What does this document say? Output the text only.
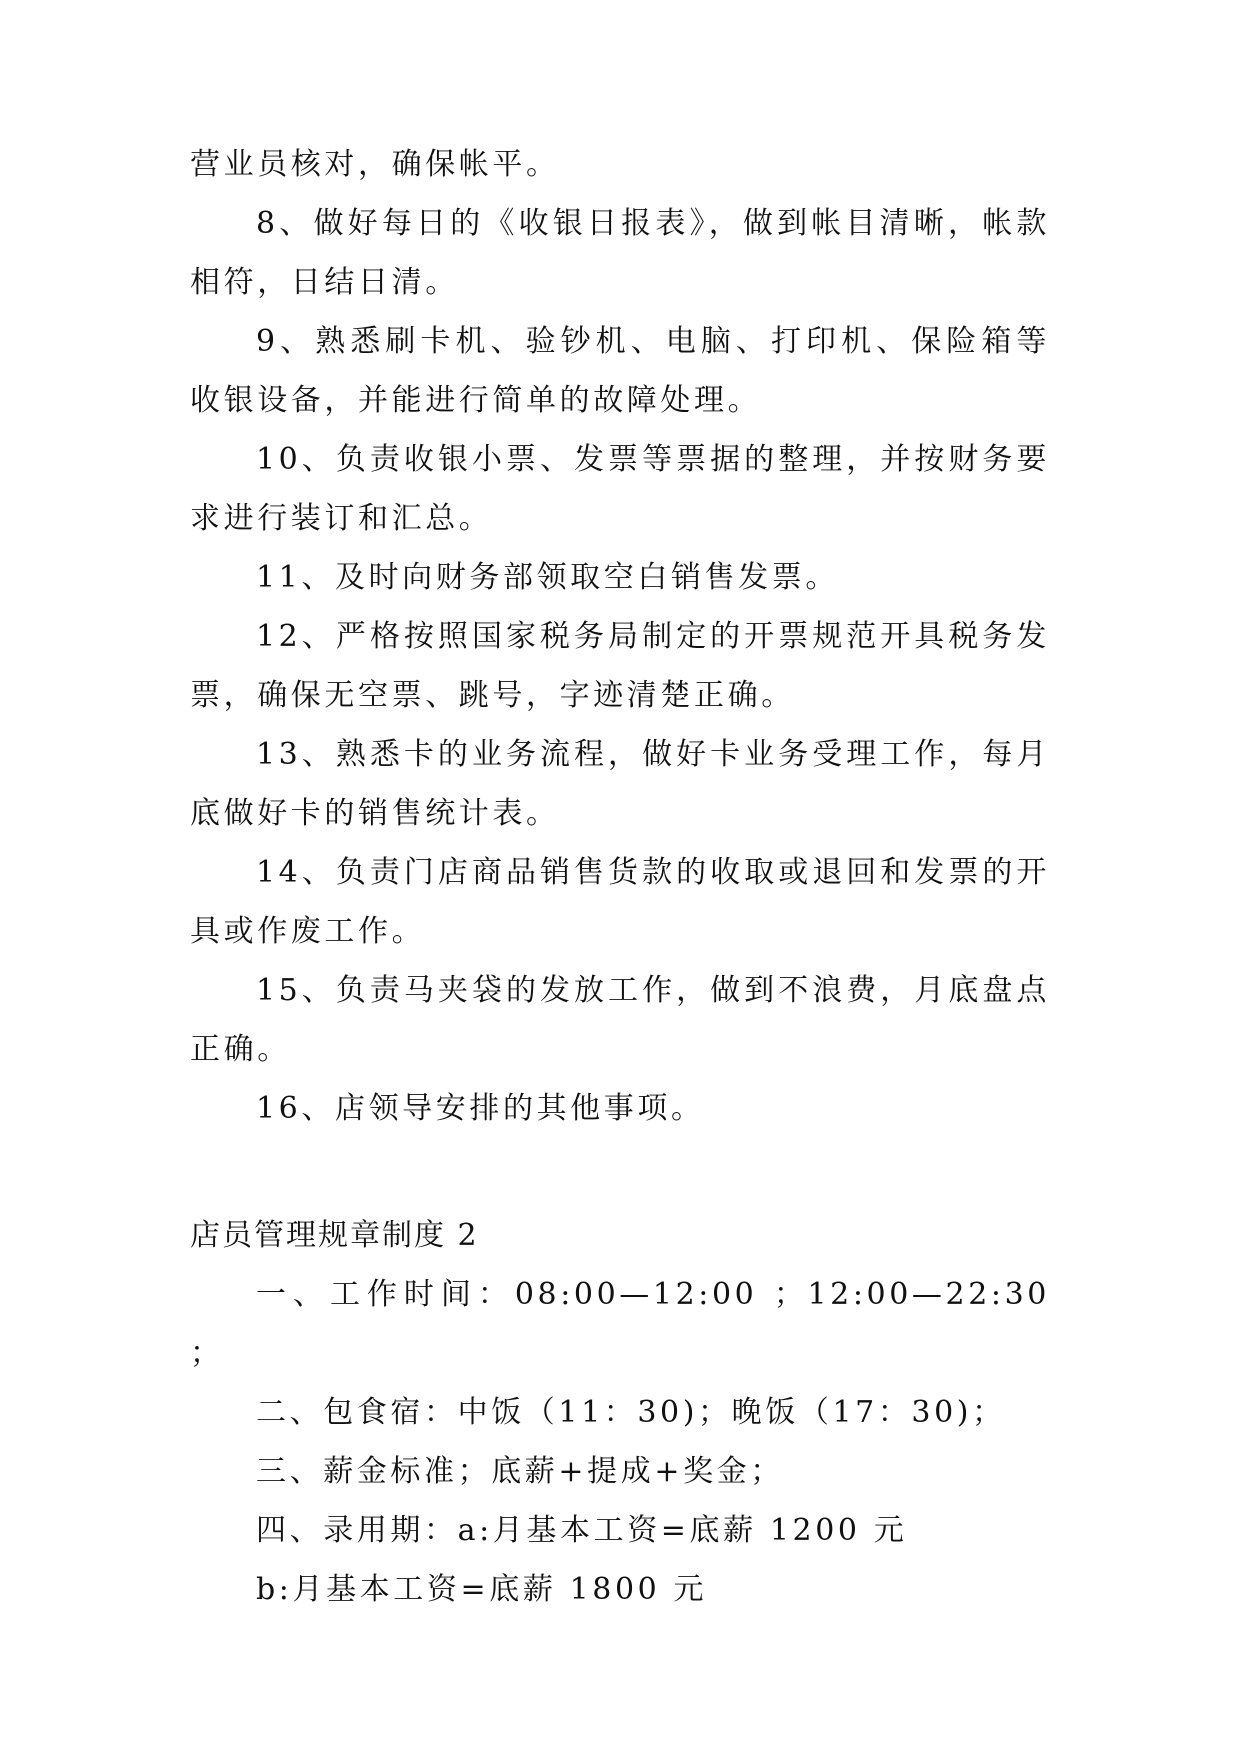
营业员核对，确保帐平。

8、做好每日的《收银日报表》，做到帐目清晰，帐款相符，日结日清。

9、熟悉刷卡机、验钞机、电脑、打印机、保险箱等收银设备，并能进行简单的故障处理。

10、负责收银小票、发票等票据的整理，并按财务要求进行装订和汇总。

11、及时向财务部领取空白销售发票。

12、严格按照国家税务局制定的开票规范开具税务发票，确保无空票、跳号，字迹清楚正确。

13、熟悉卡的业务流程，做好卡业务受理工作，每月底做好卡的销售统计表。

14、负责门店商品销售货款的收取或退回和发票的开具或作废工作。

15、负责马夹袋的发放工作，做到不浪费，月底盘点正确。

16、店领导安排的其他事项。

店员管理规章制度 2

一、工作时间：08:00—12:00 ；12:00—22:30 ；

二、包食宿：中饭（11：30)；晚饭（17：30)；

三、薪金标准；底薪+提成+奖金；

四、录用期：a:月基本工资=底薪 1200 元

b:月基本工资=底薪 1800 元
